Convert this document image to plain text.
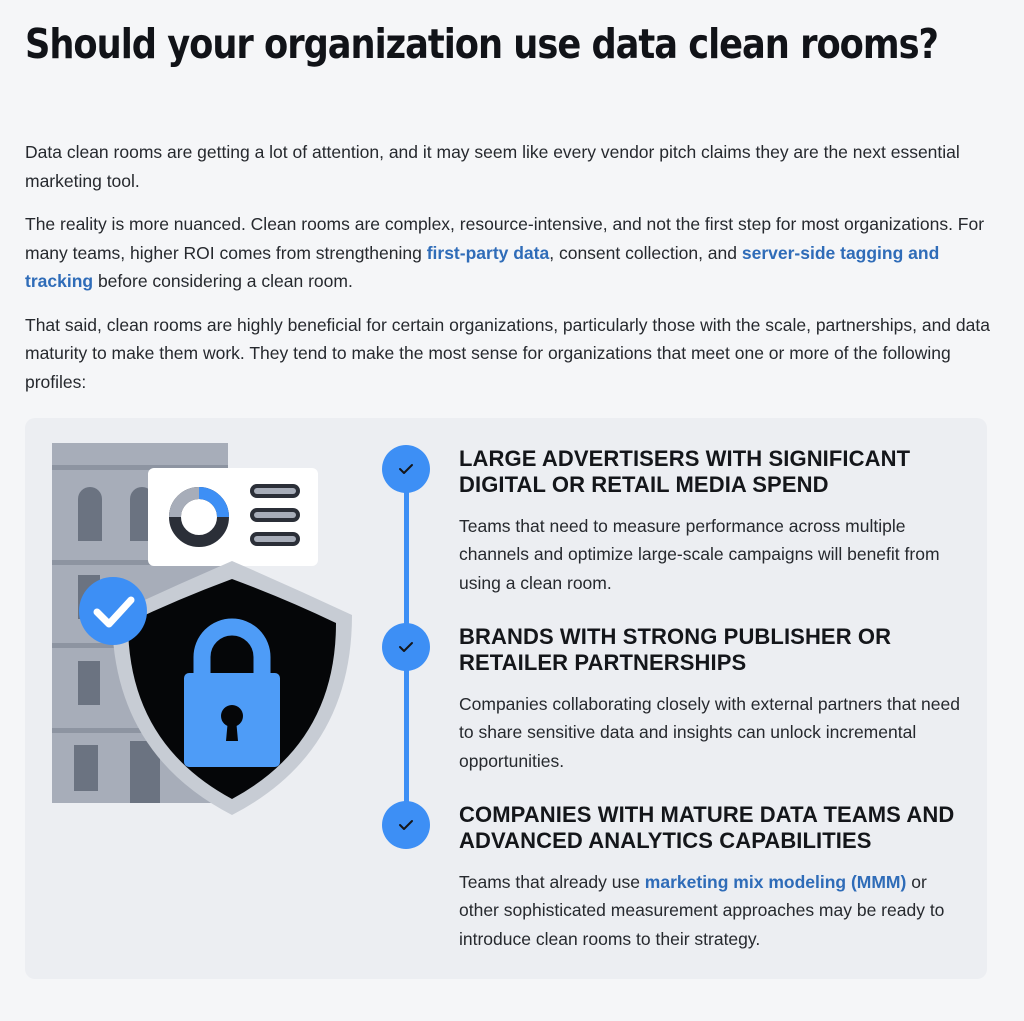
Should your organization use data clean rooms?

Data clean rooms are getting a lot of attention, and it may seem like every vendor pitch claims they are the next essential marketing tool.

The reality is more nuanced. Clean rooms are complex, resource-intensive, and not the first step for most organizations. For many teams, higher ROI comes from strengthening first-party data, consent collection, and server-side tagging and tracking before considering a clean room.

That said, clean rooms are highly beneficial for certain organizations, particularly those with the scale, partnerships, and data maturity to make them work. They tend to make the most sense for organizations that meet one or more of the following profiles:

LARGE ADVERTISERS WITH SIGNIFICANT DIGITAL OR RETAIL MEDIA SPEND

Teams that need to measure performance across multiple channels and optimize large-scale campaigns will benefit from using a clean room.

BRANDS WITH STRONG PUBLISHER OR RETAILER PARTNERSHIPS

Companies collaborating closely with external partners that need to share sensitive data and insights can unlock incremental opportunities.

COMPANIES WITH MATURE DATA TEAMS AND ADVANCED ANALYTICS CAPABILITIES

Teams that already use marketing mix modeling (MMM) or other sophisticated measurement approaches may be ready to introduce clean rooms to their strategy.
